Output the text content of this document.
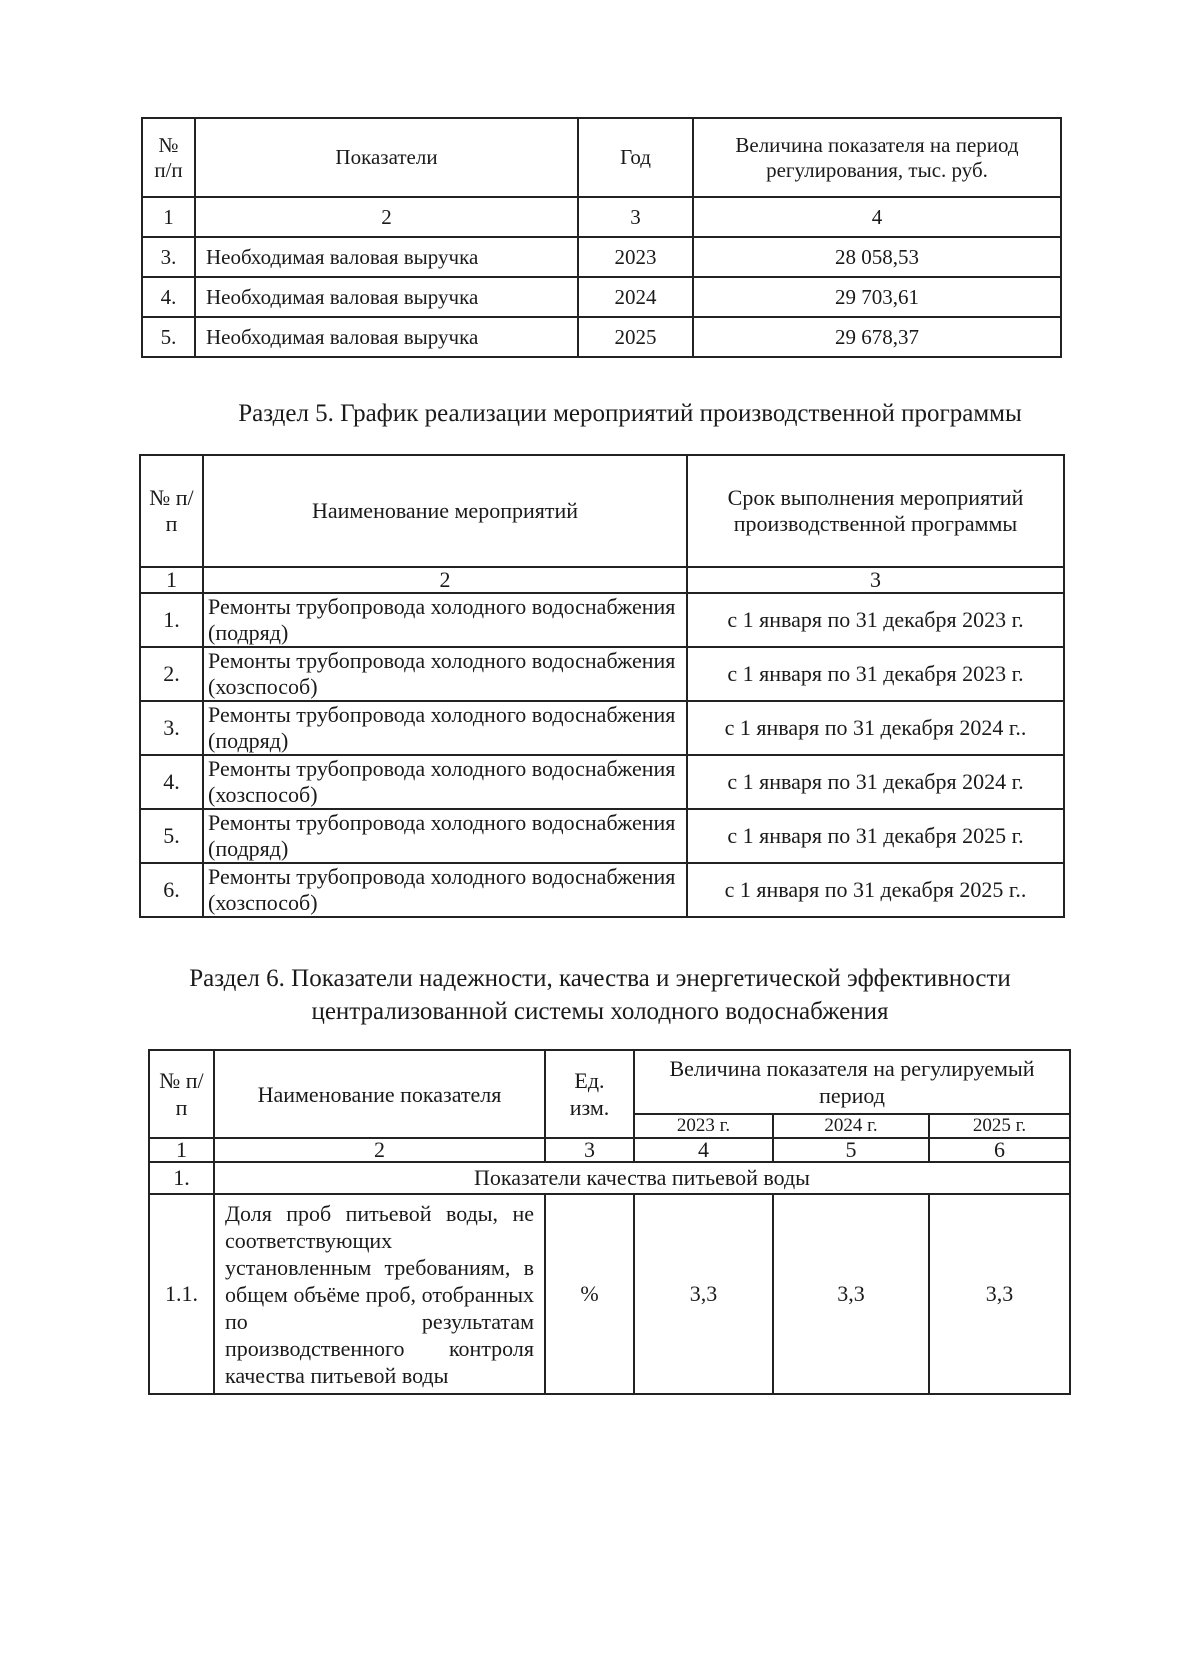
№ п/п	Показатели	Год	Величина показателя на период регулирования, тыс. руб.
1	2	3	4
3.	Необходимая валовая выручка	2023	28 058,53
4.	Необходимая валовая выручка	2024	29 703,61
5.	Необходимая валовая выручка	2025	29 678,37
Раздел 5. График реализации мероприятий производственной программы
№ п/п	Наименование мероприятий	Срок выполнения мероприятий производственной программы
1	2	3
1.	Ремонты трубопровода холодного водоснабжения (подряд)	с 1 января по 31 декабря 2023 г.
2.	Ремонты трубопровода холодного водоснабжения (хозспособ)	с 1 января по 31 декабря 2023 г.
3.	Ремонты трубопровода холодного водоснабжения (подряд)	с 1 января по 31 декабря 2024 г..
4.	Ремонты трубопровода холодного водоснабжения (хозспособ)	с 1 января по 31 декабря 2024 г.
5.	Ремонты трубопровода холодного водоснабжения (подряд)	с 1 января по 31 декабря 2025 г.
6.	Ремонты трубопровода холодного водоснабжения (хозспособ)	с 1 января по 31 декабря 2025 г..
Раздел 6. Показатели надежности, качества и энергетической эффективности
централизованной системы холодного водоснабжения
№ п/п	Наименование показателя	Ед. изм.	Величина показателя на регулируемый период		
			2023 г.	2024 г.	2025 г.
1	2	3	4	5	6
1.	Показатели качества питьевой воды				
1.1.	Доля проб питьевой воды, не соответствующих установленным требованиям, в общем объёме проб, отобранных по результатам производственного контроля качества питьевой воды	%	3,3	3,3	3,3
